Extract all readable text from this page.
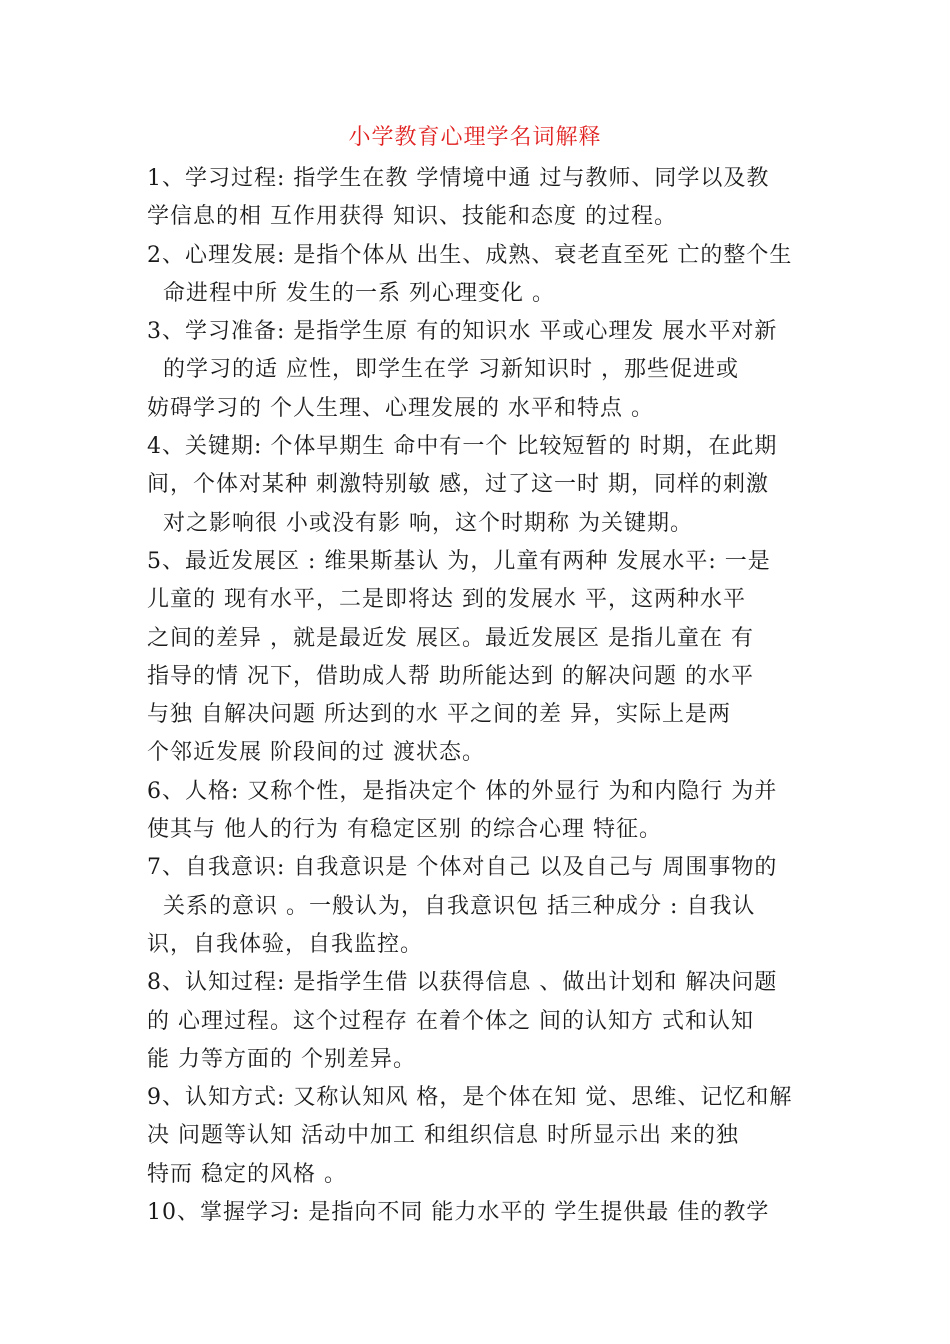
小学教育心理学名词解释
1、学习过程: 指学生在教 学情境中通 过与教师、同学以及教
学信息的相 互作用获得 知识、技能和态度 的过程。
2、心理发展: 是指个体从 出生、成熟、衰老直至死 亡的整个生
命进程中所 发生的一系 列心理变化 。
3、学习准备: 是指学生原 有的知识水 平或心理发 展水平对新
的学习的适 应性，即学生在学 习新知识时 ，那些促进或
妨碍学习的 个人生理、心理发展的 水平和特点 。
4、关键期: 个体早期生 命中有一个 比较短暂的 时期，在此期
间，个体对某种 刺激特别敏 感，过了这一时 期，同样的刺激
对之影响很 小或没有影 响，这个时期称 为关键期。
5、最近发展区 : 维果斯基认 为，儿童有两种 发展水平: 一是
儿童的 现有水平，二是即将达 到的发展水 平，这两种水平
之间的差异 ，就是最近发 展区。最近发展区 是指儿童在 有
指导的情 况下，借助成人帮 助所能达到 的解决问题 的水平
与独 自解决问题 所达到的水 平之间的差 异，实际上是两
个邻近发展 阶段间的过 渡状态。
6、人格: 又称个性，是指决定个 体的外显行 为和内隐行 为并
使其与 他人的行为 有稳定区别 的综合心理 特征。
7、自我意识: 自我意识是 个体对自己 以及自己与 周围事物的
关系的意识 。一般认为，自我意识包 括三种成分 : 自我认
识，自我体验，自我监控。
8、认知过程: 是指学生借 以获得信息 、做出计划和 解决问题
的 心理过程。这个过程存 在着个体之 间的认知方 式和认知
能 力等方面的 个别差异。
9、认知方式: 又称认知风 格，是个体在知 觉、思维、记忆和解
决 问题等认知 活动中加工 和组织信息 时所显示出 来的独
特而 稳定的风格 。
10、掌握学习: 是指向不同 能力水平的 学生提供最 佳的教学
